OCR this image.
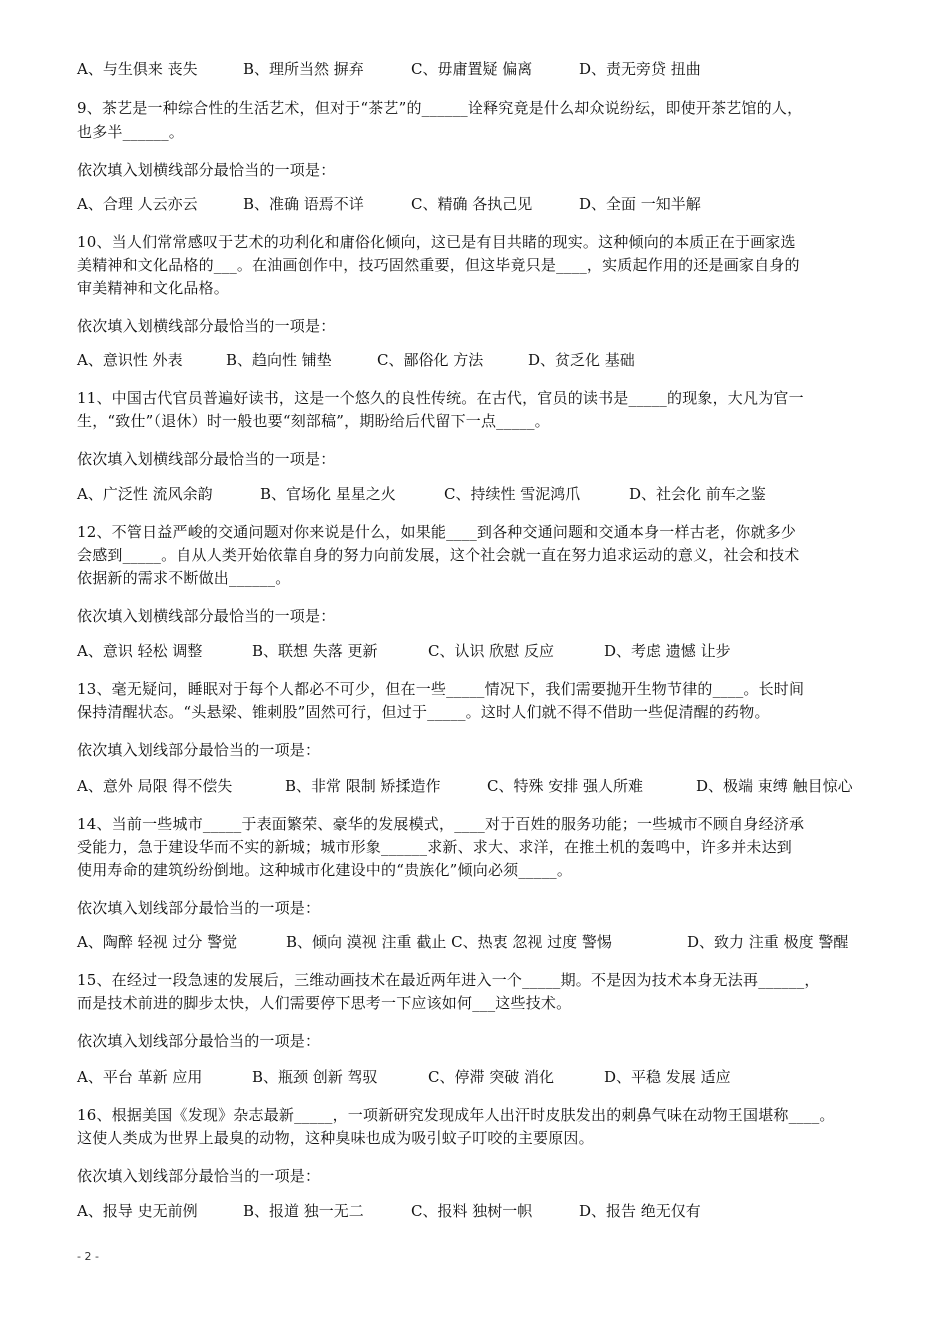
A、与生俱来 丧失	B、理所当然 摒弃	C、毋庸置疑 偏离	D、责无旁贷 扭曲
9、茶艺是一种综合性的生活艺术，但对于“茶艺”的______诠释究竟是什么却众说纷纭，即使开茶艺馆的人，
也多半______。
依次填入划横线部分最恰当的一项是：
A、合理 人云亦云	B、准确 语焉不详	C、精确 各执己见	D、全面 一知半解
10、当人们常常感叹于艺术的功利化和庸俗化倾向，这已是有目共睹的现实。这种倾向的本质正在于画家选
美精神和文化品格的___。在油画创作中，技巧固然重要，但这毕竟只是____，实质起作用的还是画家自身的
审美精神和文化品格。
依次填入划横线部分最恰当的一项是：
A、意识性 外表	B、趋向性 铺垫	C、鄙俗化 方法	D、贫乏化 基础
11、中国古代官员普遍好读书，这是一个悠久的良性传统。在古代，官员的读书是_____的现象，大凡为官一
生，“致仕”（退休）时一般也要“刻部稿”，期盼给后代留下一点_____。
依次填入划横线部分最恰当的一项是：
A、广泛性 流风余韵	B、官场化 星星之火	C、持续性 雪泥鸿爪	D、社会化 前车之鉴
12、不管日益严峻的交通问题对你来说是什么，如果能____到各种交通问题和交通本身一样古老，你就多少
会感到_____。自从人类开始依靠自身的努力向前发展，这个社会就一直在努力追求运动的意义，社会和技术
依据新的需求不断做出______。
依次填入划横线部分最恰当的一项是：
A、意识 轻松 调整	B、联想 失落 更新	C、认识 欣慰 反应	D、考虑 遗憾 让步
13、毫无疑问，睡眠对于每个人都必不可少，但在一些_____情况下，我们需要抛开生物节律的____。长时间
保持清醒状态。“头悬梁、锥刺股”固然可行，但过于_____。这时人们就不得不借助一些促清醒的药物。
依次填入划线部分最恰当的一项是：
A、意外 局限 得不偿失	B、非常 限制 矫揉造作	C、特殊 安排 强人所难	D、极端 束缚 触目惊心
14、当前一些城市_____于表面繁荣、豪华的发展模式，____对于百姓的服务功能；一些城市不顾自身经济承
受能力，急于建设华而不实的新城；城市形象______求新、求大、求洋，在推土机的轰鸣中，许多并未达到
使用寿命的建筑纷纷倒地。这种城市化建设中的“贵族化”倾向必须_____。
依次填入划线部分最恰当的一项是：
A、陶醉 轻视 过分 警觉	B、倾向 漠视 注重 截止 C、热衷 忽视 过度 警惕	D、致力 注重 极度 警醒
15、在经过一段急速的发展后，三维动画技术在最近两年进入一个_____期。不是因为技术本身无法再______，
而是技术前进的脚步太快，人们需要停下思考一下应该如何___这些技术。
依次填入划线部分最恰当的一项是：
A、平台 革新 应用	B、瓶颈 创新 驾驭	C、停滞 突破 消化	D、平稳 发展 适应
16、根据美国《发现》杂志最新_____，一项新研究发现成年人出汗时皮肤发出的刺鼻气味在动物王国堪称____。
这使人类成为世界上最臭的动物，这种臭味也成为吸引蚊子叮咬的主要原因。
依次填入划线部分最恰当的一项是：
A、报导 史无前例	B、报道 独一无二	C、报料 独树一帜	D、报告 绝无仅有
- 2 -
